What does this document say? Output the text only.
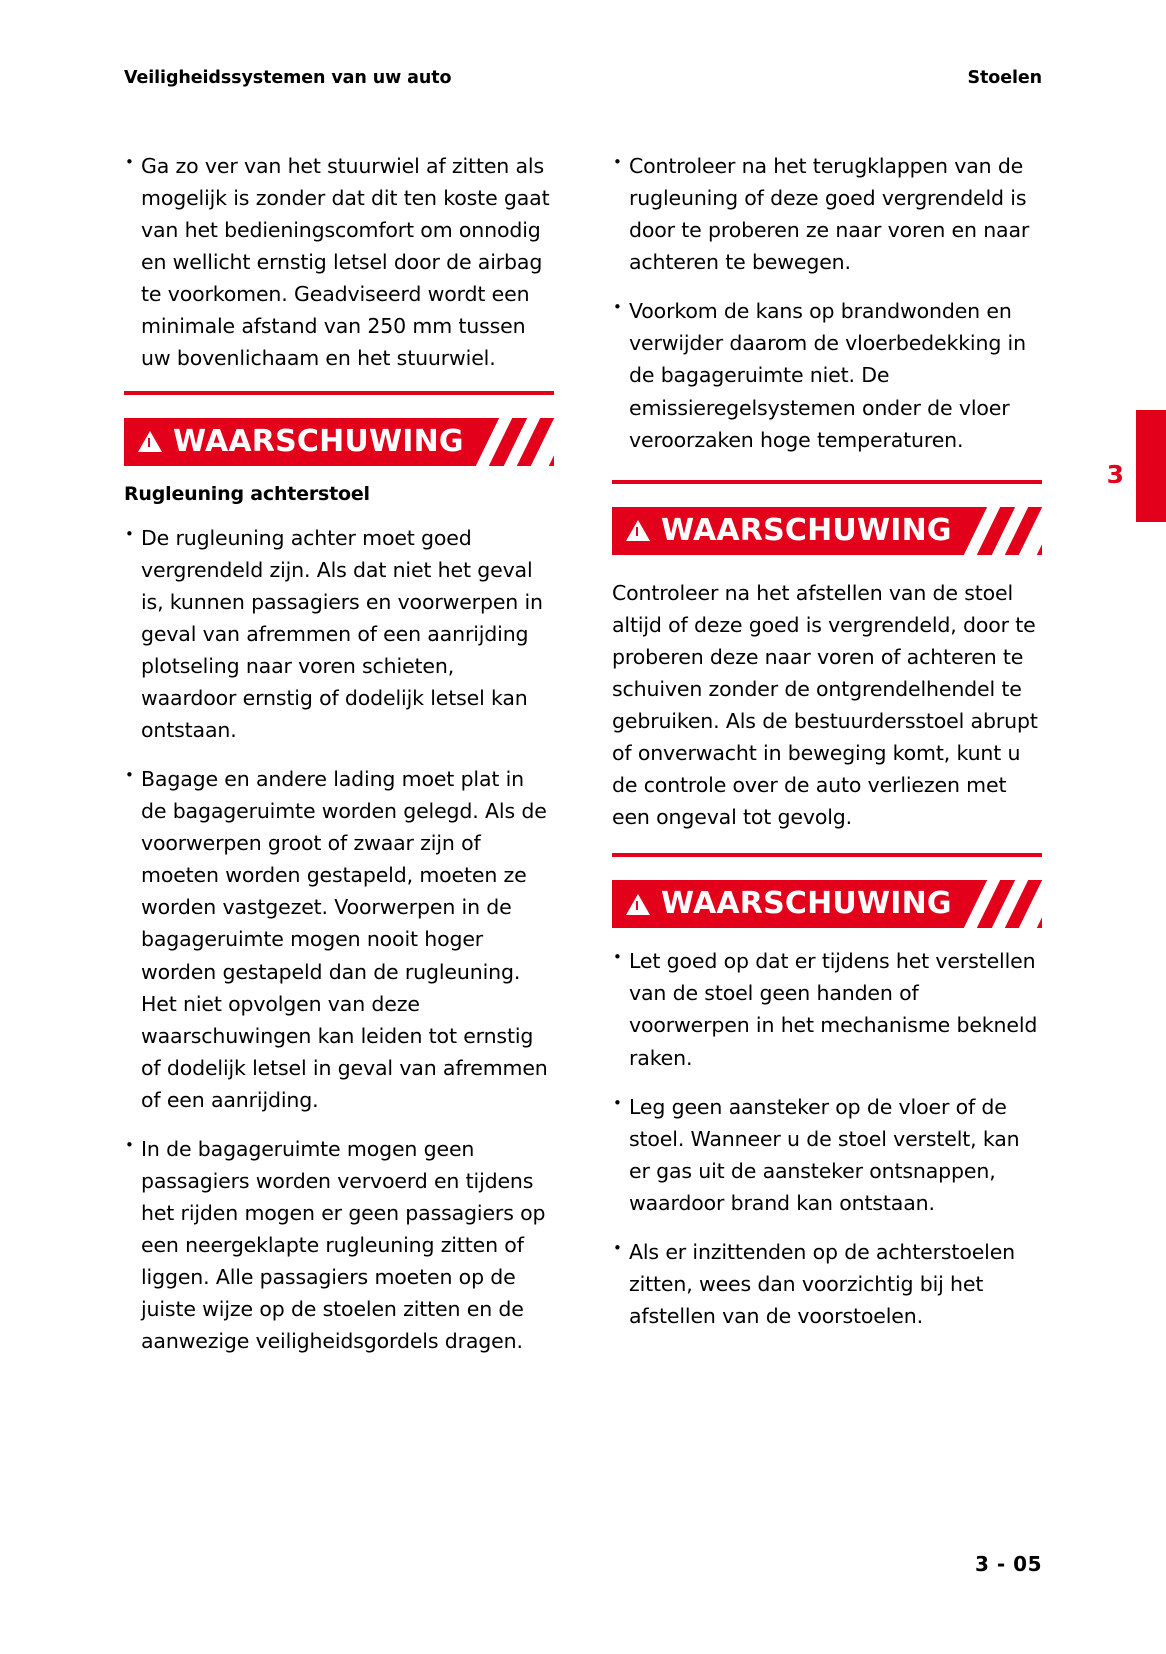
Veiligheidssystemen van uw auto	Stoelen
• Ga zo ver van het stuurwiel af zitten als mogelijk is zonder dat dit ten koste gaat van het bedieningscomfort om onnodig en wellicht ernstig letsel door de airbag te voorkomen. Geadviseerd wordt een minimale afstand van 250 mm tussen uw bovenlichaam en het stuurwiel.
WAARSCHUWING
Rugleuning achterstoel
• De rugleuning achter moet goed vergrendeld zijn. Als dat niet het geval is, kunnen passagiers en voorwerpen in geval van afremmen of een aanrijding plotseling naar voren schieten, waardoor ernstig of dodelijk letsel kan ontstaan.
• Bagage en andere lading moet plat in de bagageruimte worden gelegd. Als de voorwerpen groot of zwaar zijn of moeten worden gestapeld, moeten ze worden vastgezet. Voorwerpen in de bagageruimte mogen nooit hoger worden gestapeld dan de rugleuning. Het niet opvolgen van deze waarschuwingen kan leiden tot ernstig of dodelijk letsel in geval van afremmen of een aanrijding.
• In de bagageruimte mogen geen passagiers worden vervoerd en tijdens het rijden mogen er geen passagiers op een neergeklapte rugleuning zitten of liggen. Alle passagiers moeten op de juiste wijze op de stoelen zitten en de aanwezige veiligheidsgordels dragen.
• Controleer na het terugklappen van de rugleuning of deze goed vergrendeld is door te proberen ze naar voren en naar achteren te bewegen.
• Voorkom de kans op brandwonden en verwijder daarom de vloerbedekking in de bagageruimte niet. De emissieregelsystemen onder de vloer veroorzaken hoge temperaturen.
WAARSCHUWING

Controleer na het afstellen van de stoel altijd of deze goed is vergrendeld, door te proberen deze naar voren of achteren te schuiven zonder de ontgrendelhendel te gebruiken. Als de bestuurdersstoel abrupt of onverwacht in beweging komt, kunt u de controle over de auto verliezen met een ongeval tot gevolg.

WAARSCHUWING
• Let goed op dat er tijdens het verstellen van de stoel geen handen of voorwerpen in het mechanisme bekneld raken.
• Leg geen aansteker op de vloer of de stoel. Wanneer u de stoel verstelt, kan er gas uit de aansteker ontsnappen, waardoor brand kan ontstaan.
• Als er inzittenden op de achterstoelen zitten, wees dan voorzichtig bij het afstellen van de voorstoelen.
3
3 - 05
